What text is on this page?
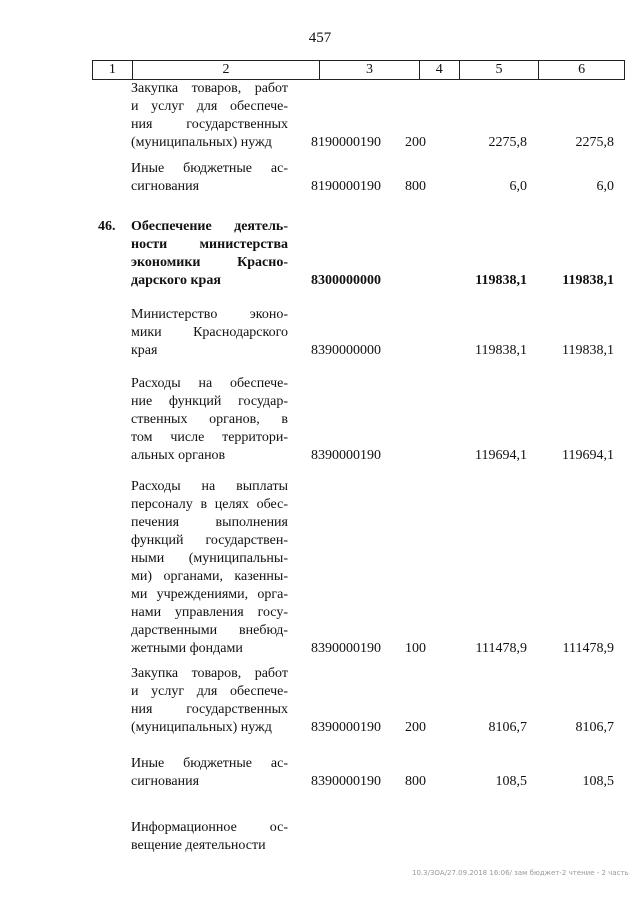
457
1	2	3	4	5	6
Закупка товаров, работ
и услуг для обеспече-
ния государственных
(муниципальных) нужд	8190000190 200	2275,8	2275,8
Иные бюджетные ас-
сигнования	8190000190 800	6,0	6,0
46. Обеспечение деятель-
ности министерства
экономики Красно-
дарского края	8300000000	119838,1	119838,1
Министерство эконо-
мики Краснодарского
края	8390000000	119838,1	119838,1
Расходы на обеспече-
ние функций государ-
ственных органов, в
том числе территори-
альных органов	8390000190	119694,1	119694,1
Расходы на выплаты
персоналу в целях обес-
печения выполнения
функций государствен-
ными (муниципальны-
ми) органами, казенны-
ми учреждениями, орга-
нами управления госу-
дарственными внебюд-
жетными фондами	8390000190 100	111478,9	111478,9
Закупка товаров, работ
и услуг для обеспече-
ния государственных
(муниципальных) нужд	8390000190 200	8106,7	8106,7
Иные бюджетные ас-
сигнования	8390000190 800	108,5	108,5
Информационное ос-
вещение деятельности
10.3/3ОА/27.09.2018 16:06/ зам бюджет-2 чтение - 2 часть
